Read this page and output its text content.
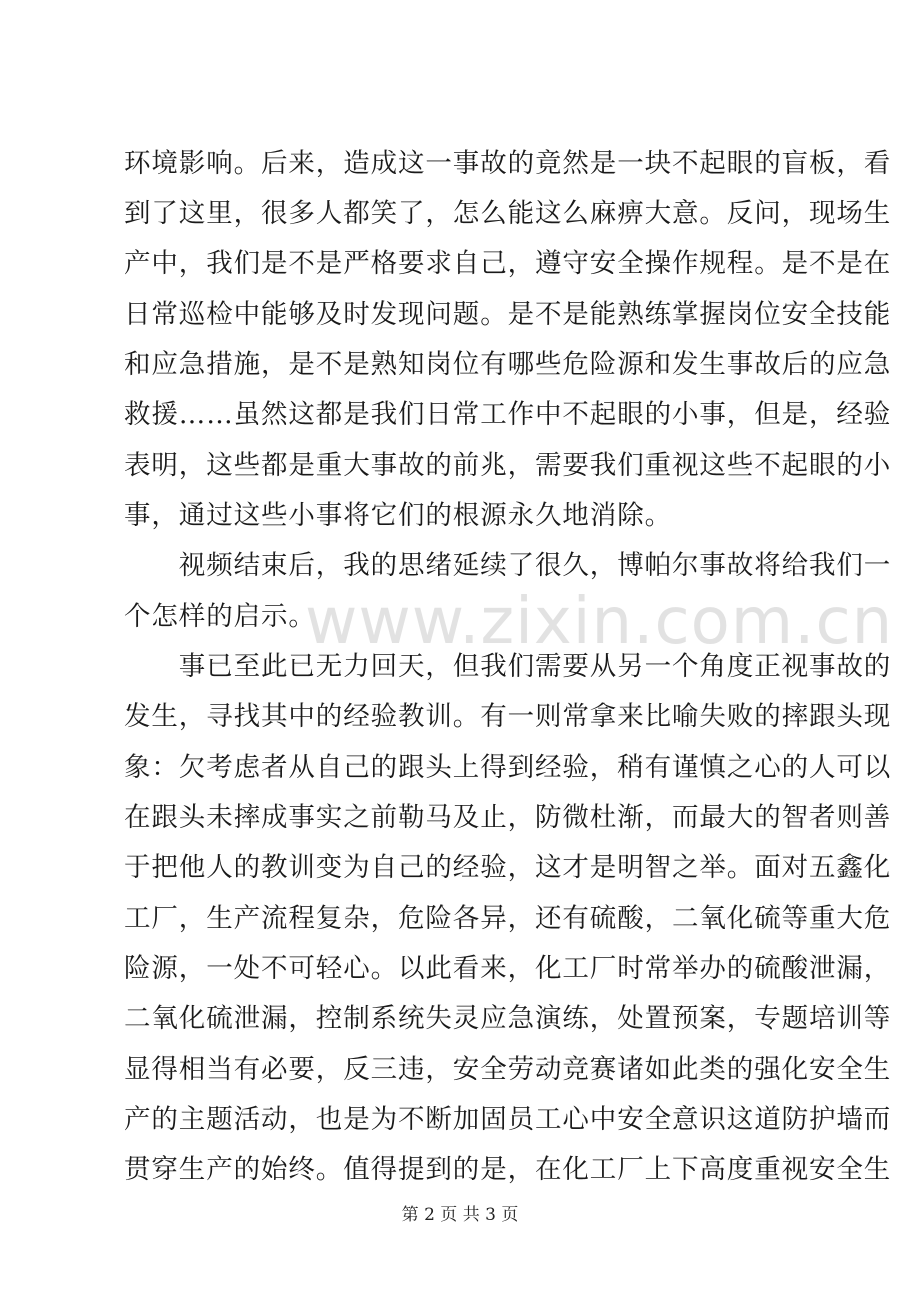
www.zixin.com.cn
环境影响。后来，造成这一事故的竟然是一块不起眼的盲板，看
到了这里，很多人都笑了，怎么能这么麻痹大意。反问，现场生
产中，我们是不是严格要求自己，遵守安全操作规程。是不是在
日常巡检中能够及时发现问题。是不是能熟练掌握岗位安全技能
和应急措施，是不是熟知岗位有哪些危险源和发生事故后的应急
救援……虽然这都是我们日常工作中不起眼的小事，但是，经验
表明，这些都是重大事故的前兆，需要我们重视这些不起眼的小
事，通过这些小事将它们的根源永久地消除。
　　视频结束后，我的思绪延续了很久，博帕尔事故将给我们一
个怎样的启示。
　　事已至此已无力回天，但我们需要从另一个角度正视事故的
发生，寻找其中的经验教训。有一则常拿来比喻失败的摔跟头现
象：欠考虑者从自己的跟头上得到经验，稍有谨慎之心的人可以
在跟头未摔成事实之前勒马及止，防微杜渐，而最大的智者则善
于把他人的教训变为自己的经验，这才是明智之举。面对五鑫化
工厂，生产流程复杂，危险各异，还有硫酸，二氧化硫等重大危
险源，一处不可轻心。以此看来，化工厂时常举办的硫酸泄漏，
二氧化硫泄漏，控制系统失灵应急演练，处置预案，专题培训等
显得相当有必要，反三违，安全劳动竞赛诸如此类的强化安全生
产的主题活动，也是为不断加固员工心中安全意识这道防护墙而
贯穿生产的始终。值得提到的是，在化工厂上下高度重视安全生
第 2 页 共 3 页
